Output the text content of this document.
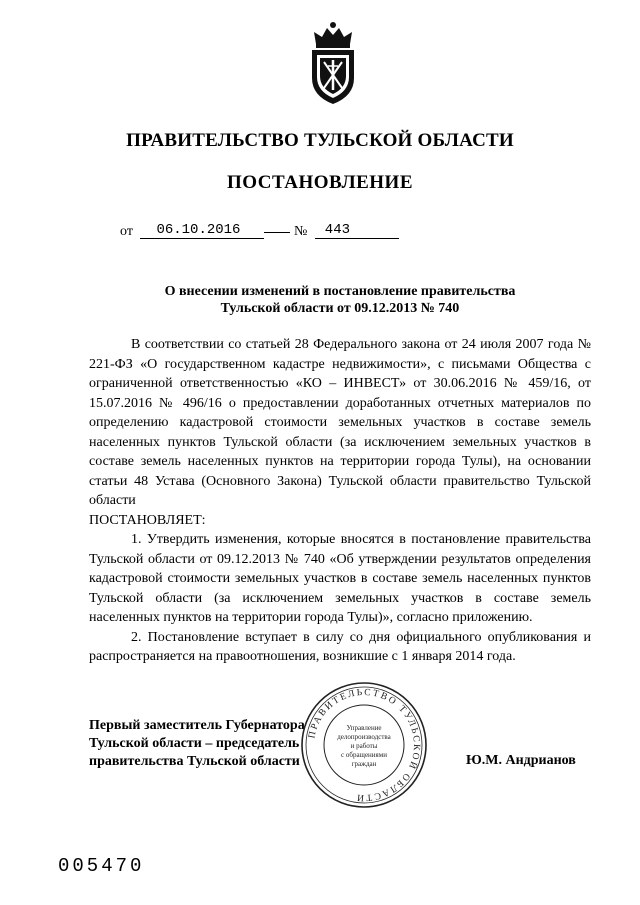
ПРАВИТЕЛЬСТВО ТУЛЬСКОЙ ОБЛАСТИ
ПОСТАНОВЛЕНИЕ
от 06.10.2016	№ 443
О внесении изменений в постановление правительства
Тульской области от 09.12.2013 № 740

В соответствии со статьей 28 Федерального закона от 24 июля 2007 года № 221-ФЗ «О государственном кадастре недвижимости», с письмами Общества с ограниченной ответственностью «КО – ИНВЕСТ» от 30.06.2016 № 459/16, от 15.07.2016 № 496/16 о предоставлении доработанных отчетных материалов по определению кадастровой стоимости земельных участков в составе земель населенных пунктов Тульской области (за исключением земельных участков в составе земель населенных пунктов на территории города Тулы), на основании статьи 48 Устава (Основного Закона) Тульской области правительство Тульской области

ПОСТАНОВЛЯЕТ:

1. Утвердить изменения, которые вносятся в постановление правительства Тульской области от 09.12.2013 № 740 «Об утверждении результатов определения кадастровой стоимости земельных участков в составе земель населенных пунктов Тульской области (за исключением земельных участков в составе земель населенных пунктов на территории города Тулы)», согласно приложению.

2. Постановление вступает в силу со дня официального опубликования и распространяется на правоотношения, возникшие с 1 января 2014 года.

Первый заместитель Губернатора
Тульской области – председатель
правительства Тульской области
ПРАВИТЕЛЬСТВО ТУЛЬСКОЙ ОБЛАСТИ
Управление
делопроизводства
и работы
с обращениями
граждан	Ю.М. Андрианов
005470
